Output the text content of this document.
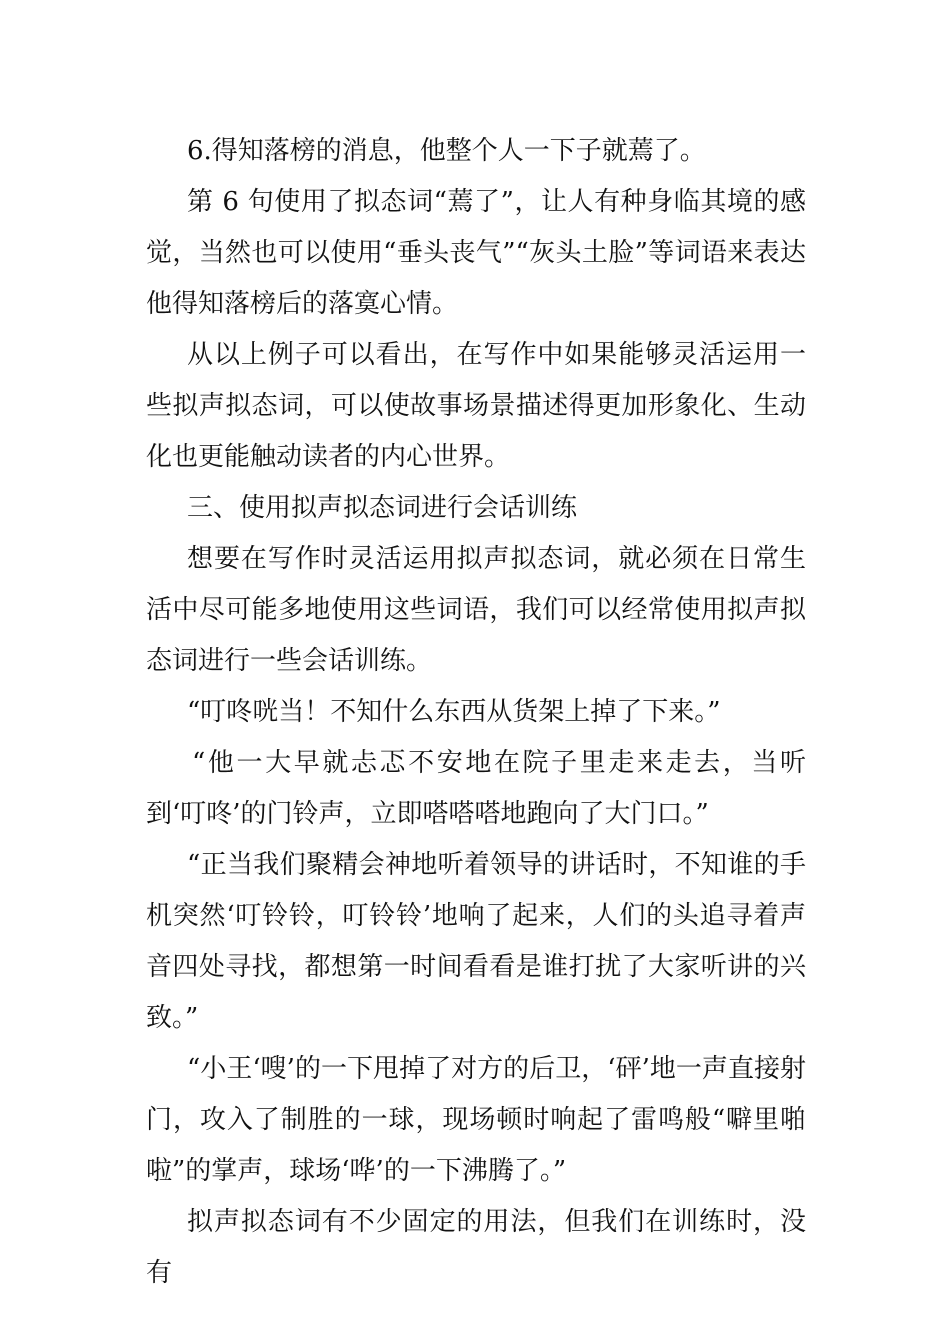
6.得知落榜的消息，他整个人一下子就蔫了。

第 6 句使用了拟态词“蔫了”，让人有种身临其境的感觉，当然也可以使用“垂头丧气”“灰头土脸”等词语来表达他得知落榜后的落寞心情。

从以上例子可以看出，在写作中如果能够灵活运用一些拟声拟态词，可以使故事场景描述得更加形象化、生动化也更能触动读者的内心世界。

三、使用拟声拟态词进行会话训练

想要在写作时灵活运用拟声拟态词，就必须在日常生活中尽可能多地使用这些词语，我们可以经常使用拟声拟态词进行一些会话训练。

“叮咚咣当！不知什么东西从货架上掉了下来。”

“他一大早就忐忑不安地在院子里走来走去，当听到‘叮咚’的门铃声，立即嗒嗒嗒地跑向了大门口。”

“正当我们聚精会神地听着领导的讲话时，不知谁的手机突然‘叮铃铃，叮铃铃’地响了起来，人们的头追寻着声音四处寻找，都想第一时间看看是谁打扰了大家听讲的兴致。”

“小王‘嗖’的一下甩掉了对方的后卫，‘砰’地一声直接射门，攻入了制胜的一球，现场顿时响起了雷鸣般“噼里啪啦”的掌声，球场‘哗’的一下沸腾了。”

拟声拟态词有不少固定的用法，但我们在训练时，没有
